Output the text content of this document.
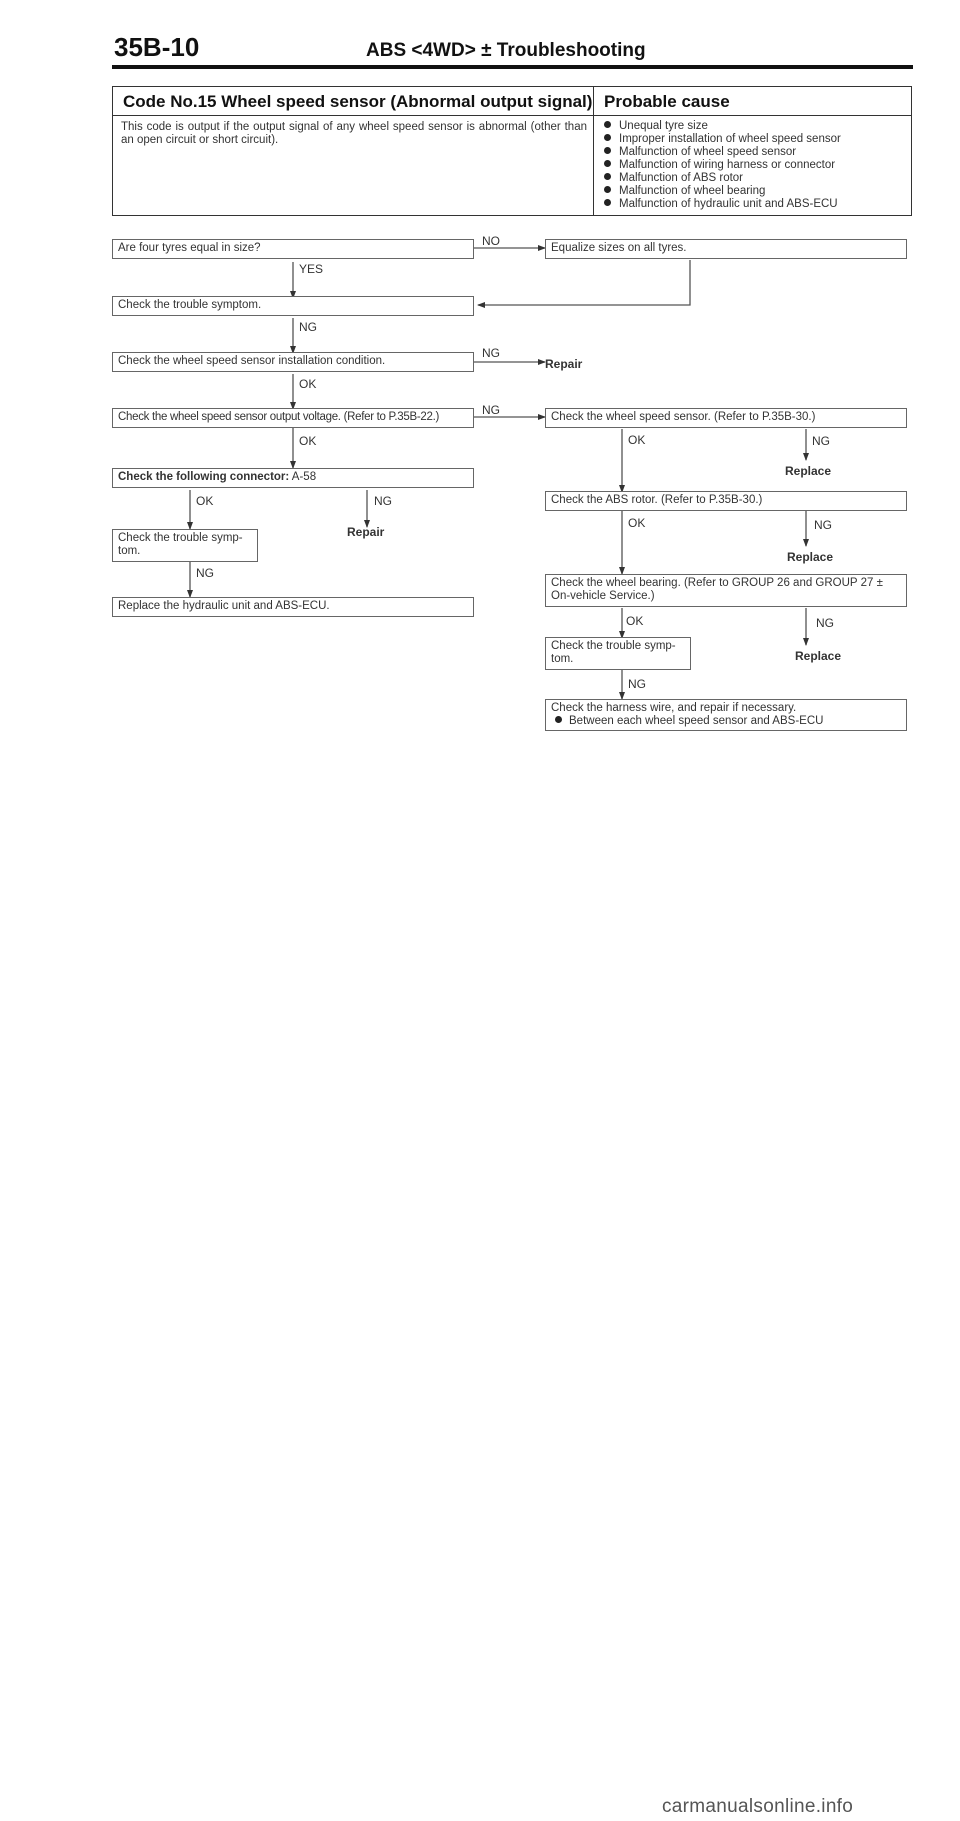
35B-10	ABS <4WD> ± Troubleshooting
Code No.15 Wheel speed sensor (Abnormal output signal) Probable cause
This code is output if the output signal of any wheel speed sensor is abnormal (other than an open circuit or short circuit).
Unequal tyre size
Improper installation of wheel speed sensor
Malfunction of wheel speed sensor
Malfunction of wiring harness or connector
Malfunction of ABS rotor
Malfunction of wheel bearing
Malfunction of hydraulic unit and ABS-ECU
Are four tyres equal in size?
Check the trouble symptom.
Check the wheel speed sensor installation condition.
Check the wheel speed sensor output voltage. (Refer to P.35B-22.)
Check the following connector: A-58
Check the trouble symp-tom.
Replace the hydraulic unit and ABS-ECU.
Equalize sizes on all tyres.
Check the wheel speed sensor. (Refer to P.35B-30.)
Check the ABS rotor. (Refer to P.35B-30.)
Check the wheel bearing. (Refer to GROUP 26 and GROUP 27 ± On-vehicle Service.)
Check the trouble symp-tom.
Check the harness wire, and repair if necessary.
Between each wheel speed sensor and ABS-ECU
NO
YES
NG
NG
OK
NG
OK	OK	NG
OK	NG
OK	NG
NG
OK	NG
NG
Repair
Repair
Replace
Replace
Replace
carmanualsonline.info
